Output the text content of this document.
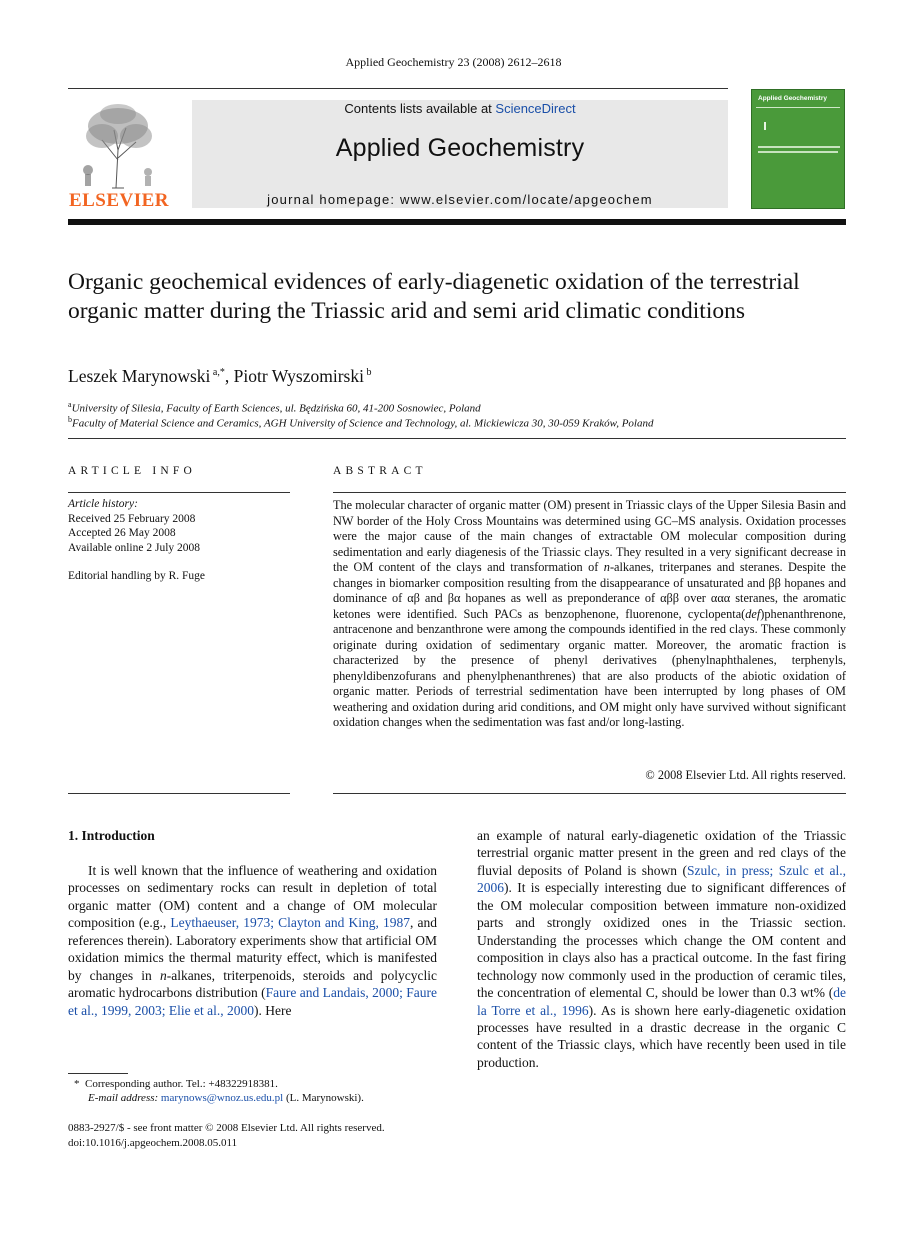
Applied Geochemistry 23 (2008) 2612–2618
ELSEVIER
Contents lists available at ScienceDirect
Applied Geochemistry
journal homepage: www.elsevier.com/locate/apgeochem
Applied Geochemistry
Organic geochemical evidences of early-diagenetic oxidation of the terrestrial organic matter during the Triassic arid and semi arid climatic conditions
Leszek Marynowski $^{a,*}$, Piotr Wyszomirski $^b$
$^a$University of Silesia, Faculty of Earth Sciences, ul. Będzińska 60, 41-200 Sosnowiec, Poland
$^b$Faculty of Material Science and Ceramics, AGH University of Science and Technology, al. Mickiewicza 30, 30-059 Kraków, Poland
ARTICLE INFO	ABSTRACT
Article history:
Received 25 February 2008
Accepted 26 May 2008
Available online 2 July 2008
Editorial handling by R. Fuge
The molecular character of organic matter (OM) present in Triassic clays of the Upper Silesia Basin and NW border of the Holy Cross Mountains was determined using GC–MS analysis. Oxidation processes were the major cause of the main changes of extractable OM molecular composition during sedimentation and early diagenesis of the Triassic clays. They resulted in a very significant decrease in the OM content of the clays and transformation of n-alkanes, triterpanes and steranes. Despite the changes in biomarker composition resulting from the disappearance of unsaturated and ββ hopanes and dominance of αβ and βα hopanes as well as preponderance of αββ over ααα steranes, the aromatic ketones were identified. Such PACs as benzophenone, fluorenone, cyclopenta(def)phenanthrenone, antracenone and benzanthrone were among the compounds identified in the red clays. These commonly originate during oxidation of sedimentary organic matter. Moreover, the aromatic fraction is characterized by the presence of phenyl derivatives (phenylnaphthalenes, terphenyls, phenyldibenzofurans and phenylphenanthrenes) that are also products of the abiotic oxidation of organic matter. Periods of terrestrial sedimentation have been interrupted by long phases of OM weathering and oxidation during arid conditions, and OM might only have survived without significant oxidation changes when the sedimentation was fast and/or long-lasting.
© 2008 Elsevier Ltd. All rights reserved.
1. Introduction
It is well known that the influence of weathering and oxidation processes on sedimentary rocks can result in depletion of total organic matter (OM) content and a change of OM molecular composition (e.g., Leythaeuser, 1973; Clayton and King, 1987, and references therein). Laboratory experiments show that artificial OM oxidation mimics the thermal maturity effect, which is manifested by changes in n-alkanes, triterpenoids, steroids and polycyclic aromatic hydrocarbons distribution (Faure and Landais, 2000; Faure et al., 1999, 2003; Elie et al., 2000). Here
an example of natural early-diagenetic oxidation of the Triassic terrestrial organic matter present in the green and red clays of the fluvial deposits of Poland is shown (Szulc, in press; Szulc et al., 2006). It is especially interesting due to significant differences of the OM molecular composition between immature non-oxidized parts and strongly oxidized ones in the Triassic section. Understanding the processes which change the OM content and composition in clays also has a practical outcome. In the fast firing technology now commonly used in the production of ceramic tiles, the concentration of elemental C, should be lower than 0.3 wt% (de la Torre et al., 1996). As is shown here early-diagenetic oxidation processes have resulted in a drastic decrease in the organic C content of the Triassic clays, which have recently been used in tile production.
* Corresponding author. Tel.: +48322918381.
E-mail address: marynows@wnoz.us.edu.pl (L. Marynowski).
0883-2927/$ - see front matter © 2008 Elsevier Ltd. All rights reserved.
doi:10.1016/j.apgeochem.2008.05.011
